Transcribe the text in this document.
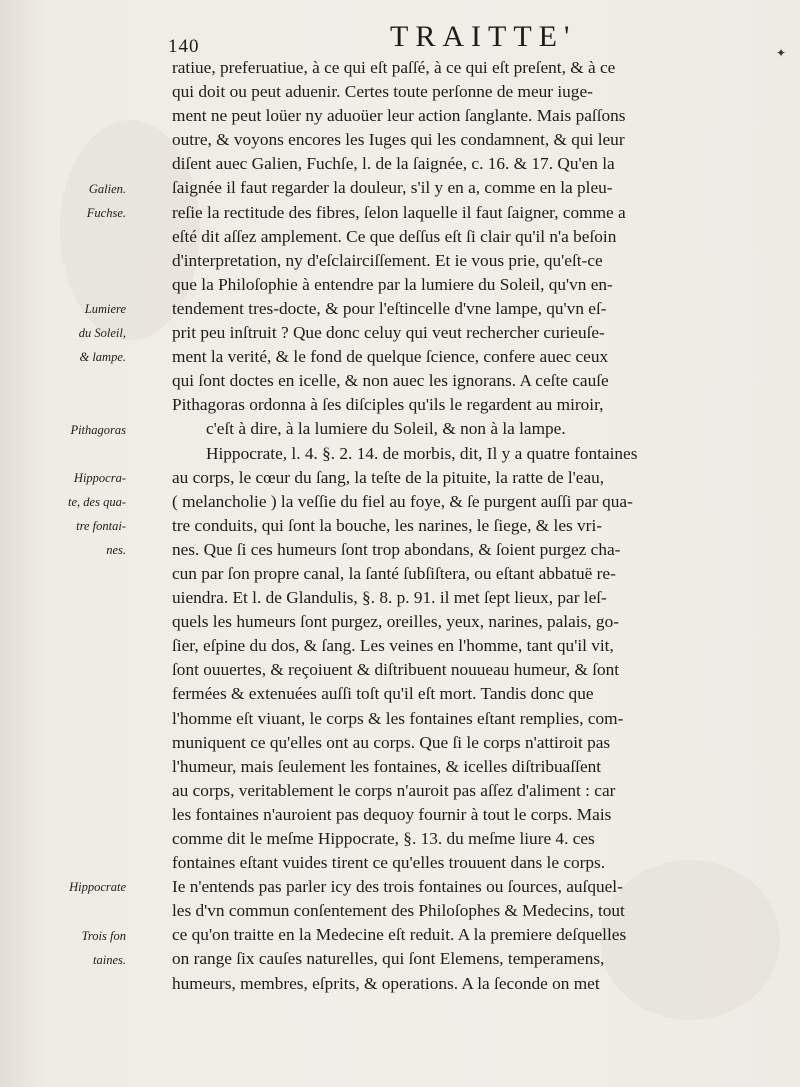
140	TRAITTE'	✦
Galien.
Fuchse.
Lumiere
du Soleil,
& lampe.
Pithagoras
Hippocra-
te, des qua-
tre fontai-
nes.
Hippocrate
Trois fon
taines.
ratiue, preferuatiue, à ce qui eſt paſſé, à ce qui eſt preſent, & à ce
qui doit ou peut aduenir. Certes toute perſonne de meur iuge-
ment ne peut loüer ny aduoüer leur action ſanglante. Mais paſſons
outre, & voyons encores les Iuges qui les condamnent, & qui leur
diſent auec Galien, Fuchſe, l. de la ſaignée, c. 16. & 17. Qu'en la
ſaignée il faut regarder la douleur, s'il y en a, comme en la pleu-
reſie la rectitude des fibres, ſelon laquelle il faut ſaigner, comme a
eſté dit aſſez amplement. Ce que deſſus eſt ſi clair qu'il n'a beſoin
d'interpretation, ny d'eſclairciſſement. Et ie vous prie, qu'eſt-ce
que la Philoſophie à entendre par la lumiere du Soleil, qu'vn en-
tendement tres-docte, & pour l'eſtincelle d'vne lampe, qu'vn eſ-
prit peu inſtruit ? Que donc celuy qui veut rechercher curieuſe-
ment la verité, & le fond de quelque ſcience, confere auec ceux
qui ſont doctes en icelle, & non auec les ignorans. A ceſte cauſe
Pithagoras ordonna à ſes diſciples qu'ils le regardent au miroir,
c'eſt à dire, à la lumiere du Soleil, & non à la lampe.
Hippocrate, l. 4. §. 2. 14. de morbis, dit, Il y a quatre fontaines
au corps, le cœur du ſang, la teſte de la pituite, la ratte de l'eau,
( melancholie ) la veſſie du fiel au foye, & ſe purgent auſſi par qua-
tre conduits, qui ſont la bouche, les narines, le ſiege, & les vri-
nes. Que ſi ces humeurs ſont trop abondans, & ſoient purgez cha-
cun par ſon propre canal, la ſanté ſubſiſtera, ou eſtant abbatuë re-
uiendra. Et l. de Glandulis, §. 8. p. 91. il met ſept lieux, par leſ-
quels les humeurs ſont purgez, oreilles, yeux, narines, palais, go-
ſier, eſpine du dos, & ſang. Les veines en l'homme, tant qu'il vit,
ſont ouuertes, & reçoiuent & diſtribuent nouueau humeur, & ſont
fermées & extenuées auſſi toſt qu'il eſt mort. Tandis donc que
l'homme eſt viuant, le corps & les fontaines eſtant remplies, com-
muniquent ce qu'elles ont au corps. Que ſi le corps n'attiroit pas
l'humeur, mais ſeulement les fontaines, & icelles diſtribuaſſent
au corps, veritablement le corps n'auroit pas aſſez d'aliment : car
les fontaines n'auroient pas dequoy fournir à tout le corps. Mais
comme dit le meſme Hippocrate, §. 13. du meſme liure 4. ces
fontaines eſtant vuides tirent ce qu'elles trouuent dans le corps.
Ie n'entends pas parler icy des trois fontaines ou ſources, auſquel-
les d'vn commun conſentement des Philoſophes & Medecins, tout
ce qu'on traitte en la Medecine eſt reduit. A la premiere deſquelles
on range ſix cauſes naturelles, qui ſont Elemens, temperamens,
humeurs, membres, eſprits, & operations. A la ſeconde on met
